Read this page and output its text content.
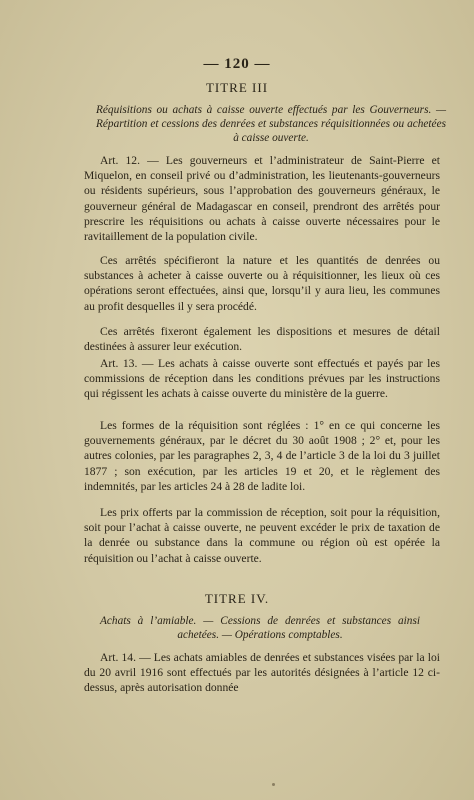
— 120 —
TITRE III
Réquisitions ou achats à caisse ouverte effectués par les Gouverneurs. — Répartition et cessions des denrées et substances réquisitionnées ou achetées à caisse ouverte.

Art. 12. — Les gouverneurs et l’administrateur de Saint-Pierre et Miquelon, en conseil privé ou d’administration, les lieutenants-gouverneurs ou résidents supérieurs, sous l’approbation des gouverneurs généraux, le gouverneur général de Madagascar en conseil, prendront des arrêtés pour prescrire les réquisitions ou achats à caisse ouverte nécessaires pour le ravitaillement de la population civile.

Ces arrêtés spécifieront la nature et les quantités de denrées ou substances à acheter à caisse ouverte ou à réquisitionner, les lieux où ces opérations seront effectuées, ainsi que, lorsqu’il y aura lieu, les communes au profit desquelles il y sera procédé.

Ces arrêtés fixeront également les dispositions et mesures de détail destinées à assurer leur exécution.

Art. 13. — Les achats à caisse ouverte sont effectués et payés par les commissions de réception dans les conditions prévues par les instructions qui régissent les achats à caisse ouverte du ministère de la guerre.

Les formes de la réquisition sont réglées : 1° en ce qui concerne les gouvernements généraux, par le décret du 30 août 1908 ; 2° et, pour les autres colonies, par les paragraphes 2, 3, 4 de l’article 3 de la loi du 3 juillet 1877 ; son exécution, par les articles 19 et 20, et le règlement des indemnités, par les articles 24 à 28 de ladite loi.

Les prix offerts par la commission de réception, soit pour la réquisition, soit pour l’achat à caisse ouverte, ne peuvent excéder le prix de taxation de la denrée ou substance dans la commune ou région où est opérée la réquisition ou l’achat à caisse ouverte.

TITRE IV.
Achats à l’amiable. — Cessions de denrées et substances ainsi achetées. — Opérations comptables.

Art. 14. — Les achats amiables de denrées et substances visées par la loi du 20 avril 1916 sont effectués par les autorités désignées à l’article 12 ci-dessus, après autorisation donnée
